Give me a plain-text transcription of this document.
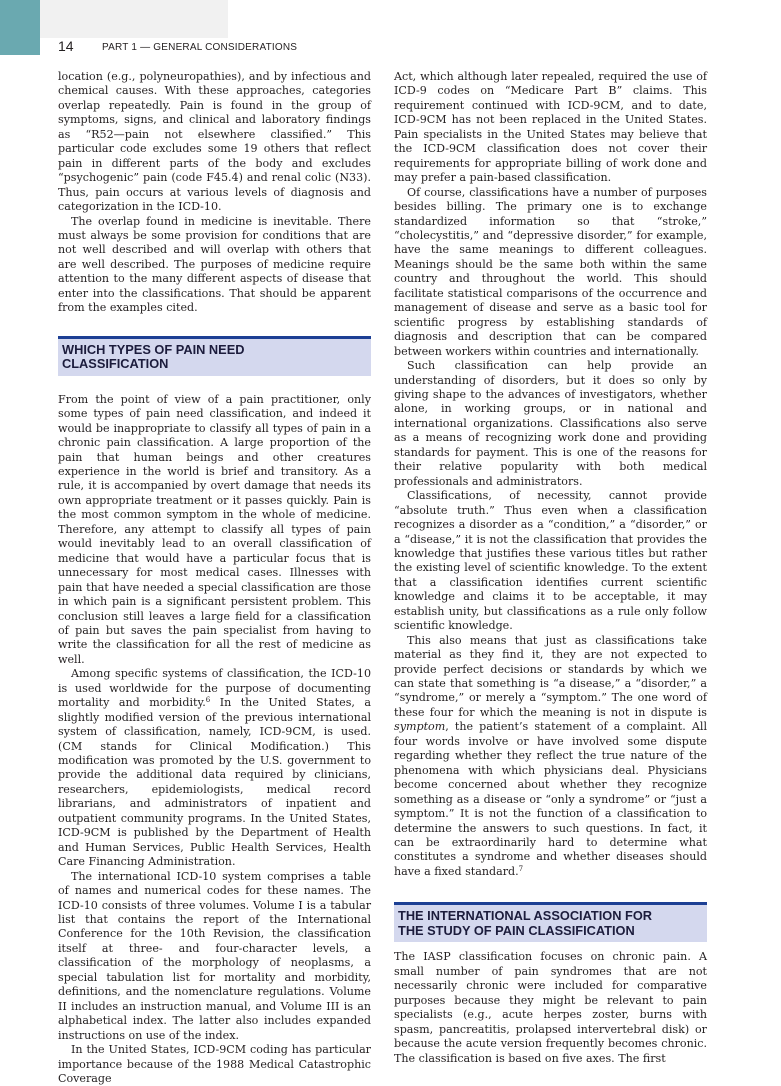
14	PART 1 — GENERAL CONSIDERATIONS

location (e.g., polyneuropathies), and by infectious and chemical causes. With these approaches, categories overlap repeatedly. Pain is found in the group of symptoms, signs, and clinical and laboratory findings as “R52—pain not elsewhere classified.” This particular code excludes some 19 others that reflect pain in different parts of the body and excludes “psychogenic” pain (code F45.4) and renal colic (N33). Thus, pain occurs at various levels of diagnosis and categorization in the ICD-10.

The overlap found in medicine is inevitable. There must always be some provision for conditions that are not well described and will overlap with others that are well described. The purposes of medicine require attention to the many different aspects of disease that enter into the classifications. That should be apparent from the examples cited.

WHICH TYPES OF PAIN NEED
CLASSIFICATION

From the point of view of a pain practitioner, only some types of pain need classification, and indeed it would be inappropriate to classify all types of pain in a chronic pain classification. A large proportion of the pain that human beings and other creatures experience in the world is brief and transitory. As a rule, it is accompanied by overt damage that needs its own appropriate treatment or it passes quickly. Pain is the most common symptom in the whole of medicine. Therefore, any attempt to classify all types of pain would inevitably lead to an overall classification of medicine that would have a particular focus that is unnecessary for most medical cases. Illnesses with pain that have needed a special classification are those in which pain is a significant persistent problem. This conclusion still leaves a large field for a classification of pain but saves the pain specialist from having to write the classification for all the rest of medicine as well.

Among specific systems of classification, the ICD-10 is used worldwide for the purpose of documenting mortality and morbidity.$^6$ In the United States, a slightly modified version of the previous international system of classification, namely, ICD-9CM, is used. (CM stands for Clinical Modification.) This modification was promoted by the U.S. government to provide the additional data required by clinicians, researchers, epidemiologists, medical record librarians, and administrators of inpatient and outpatient community programs. In the United States, ICD-9CM is published by the Department of Health and Human Services, Public Health Services, Health Care Financing Administration.

The international ICD-10 system comprises a table of names and numerical codes for these names. The ICD-10 consists of three volumes. Volume I is a tabular list that contains the report of the International Conference for the 10th Revision, the classification itself at three- and four-character levels, a classification of the morphology of neoplasms, a special tabulation list for mortality and morbidity, definitions, and the nomenclature regulations. Volume II includes an instruction manual, and Volume III is an alphabetical index. The latter also includes expanded instructions on use of the index.

In the United States, ICD-9CM coding has particular importance because of the 1988 Medical Catastrophic Coverage

Act, which although later repealed, required the use of ICD-9 codes on “Medicare Part B” claims. This requirement continued with ICD-9CM, and to date, ICD-9CM has not been replaced in the United States. Pain specialists in the United States may believe that the ICD-9CM classification does not cover their requirements for appropriate billing of work done and may prefer a pain-based classification.

Of course, classifications have a number of purposes besides billing. The primary one is to exchange standardized information so that “stroke,” “cholecystitis,” and “depressive disorder,” for example, have the same meanings to different colleagues. Meanings should be the same both within the same country and throughout the world. This should facilitate statistical comparisons of the occurrence and management of disease and serve as a basic tool for scientific progress by establishing standards of diagnosis and description that can be compared between workers within countries and internationally.

Such classification can help provide an understanding of disorders, but it does so only by giving shape to the advances of investigators, whether alone, in working groups, or in national and international organizations. Classifications also serve as a means of recognizing work done and providing standards for payment. This is one of the reasons for their relative popularity with both medical professionals and administrators.

Classifications, of necessity, cannot provide “absolute truth.” Thus even when a classification recognizes a disorder as a “condition,” a “disorder,” or a “disease,” it is not the classification that provides the knowledge that justifies these various titles but rather the existing level of scientific knowledge. To the extent that a classification identifies current scientific knowledge and claims it to be acceptable, it may establish unity, but classifications as a rule only follow scientific knowledge.

This also means that just as classifications take material as they find it, they are not expected to provide perfect decisions or standards by which we can state that something is “a disease,” a “disorder,” a “syndrome,” or merely a “symptom.” The one word of these four for which the meaning is not in dispute is symptom, the patient’s statement of a complaint. All four words involve or have involved some dispute regarding whether they reflect the true nature of the phenomena with which physicians deal. Physicians become concerned about whether they recognize something as a disease or “only a syndrome” or “just a symptom.” It is not the function of a classification to determine the answers to such questions. In fact, it can be extraordinarily hard to determine what constitutes a syndrome and whether diseases should have a fixed standard.$^7$

THE INTERNATIONAL ASSOCIATION FOR
THE STUDY OF PAIN CLASSIFICATION

The IASP classification focuses on chronic pain. A small number of pain syndromes that are not necessarily chronic were included for comparative purposes because they might be relevant to pain specialists (e.g., acute herpes zoster, burns with spasm, pancreatitis, prolapsed intervertebral disk) or because the acute version frequently becomes chronic. The classification is based on five axes. The first
